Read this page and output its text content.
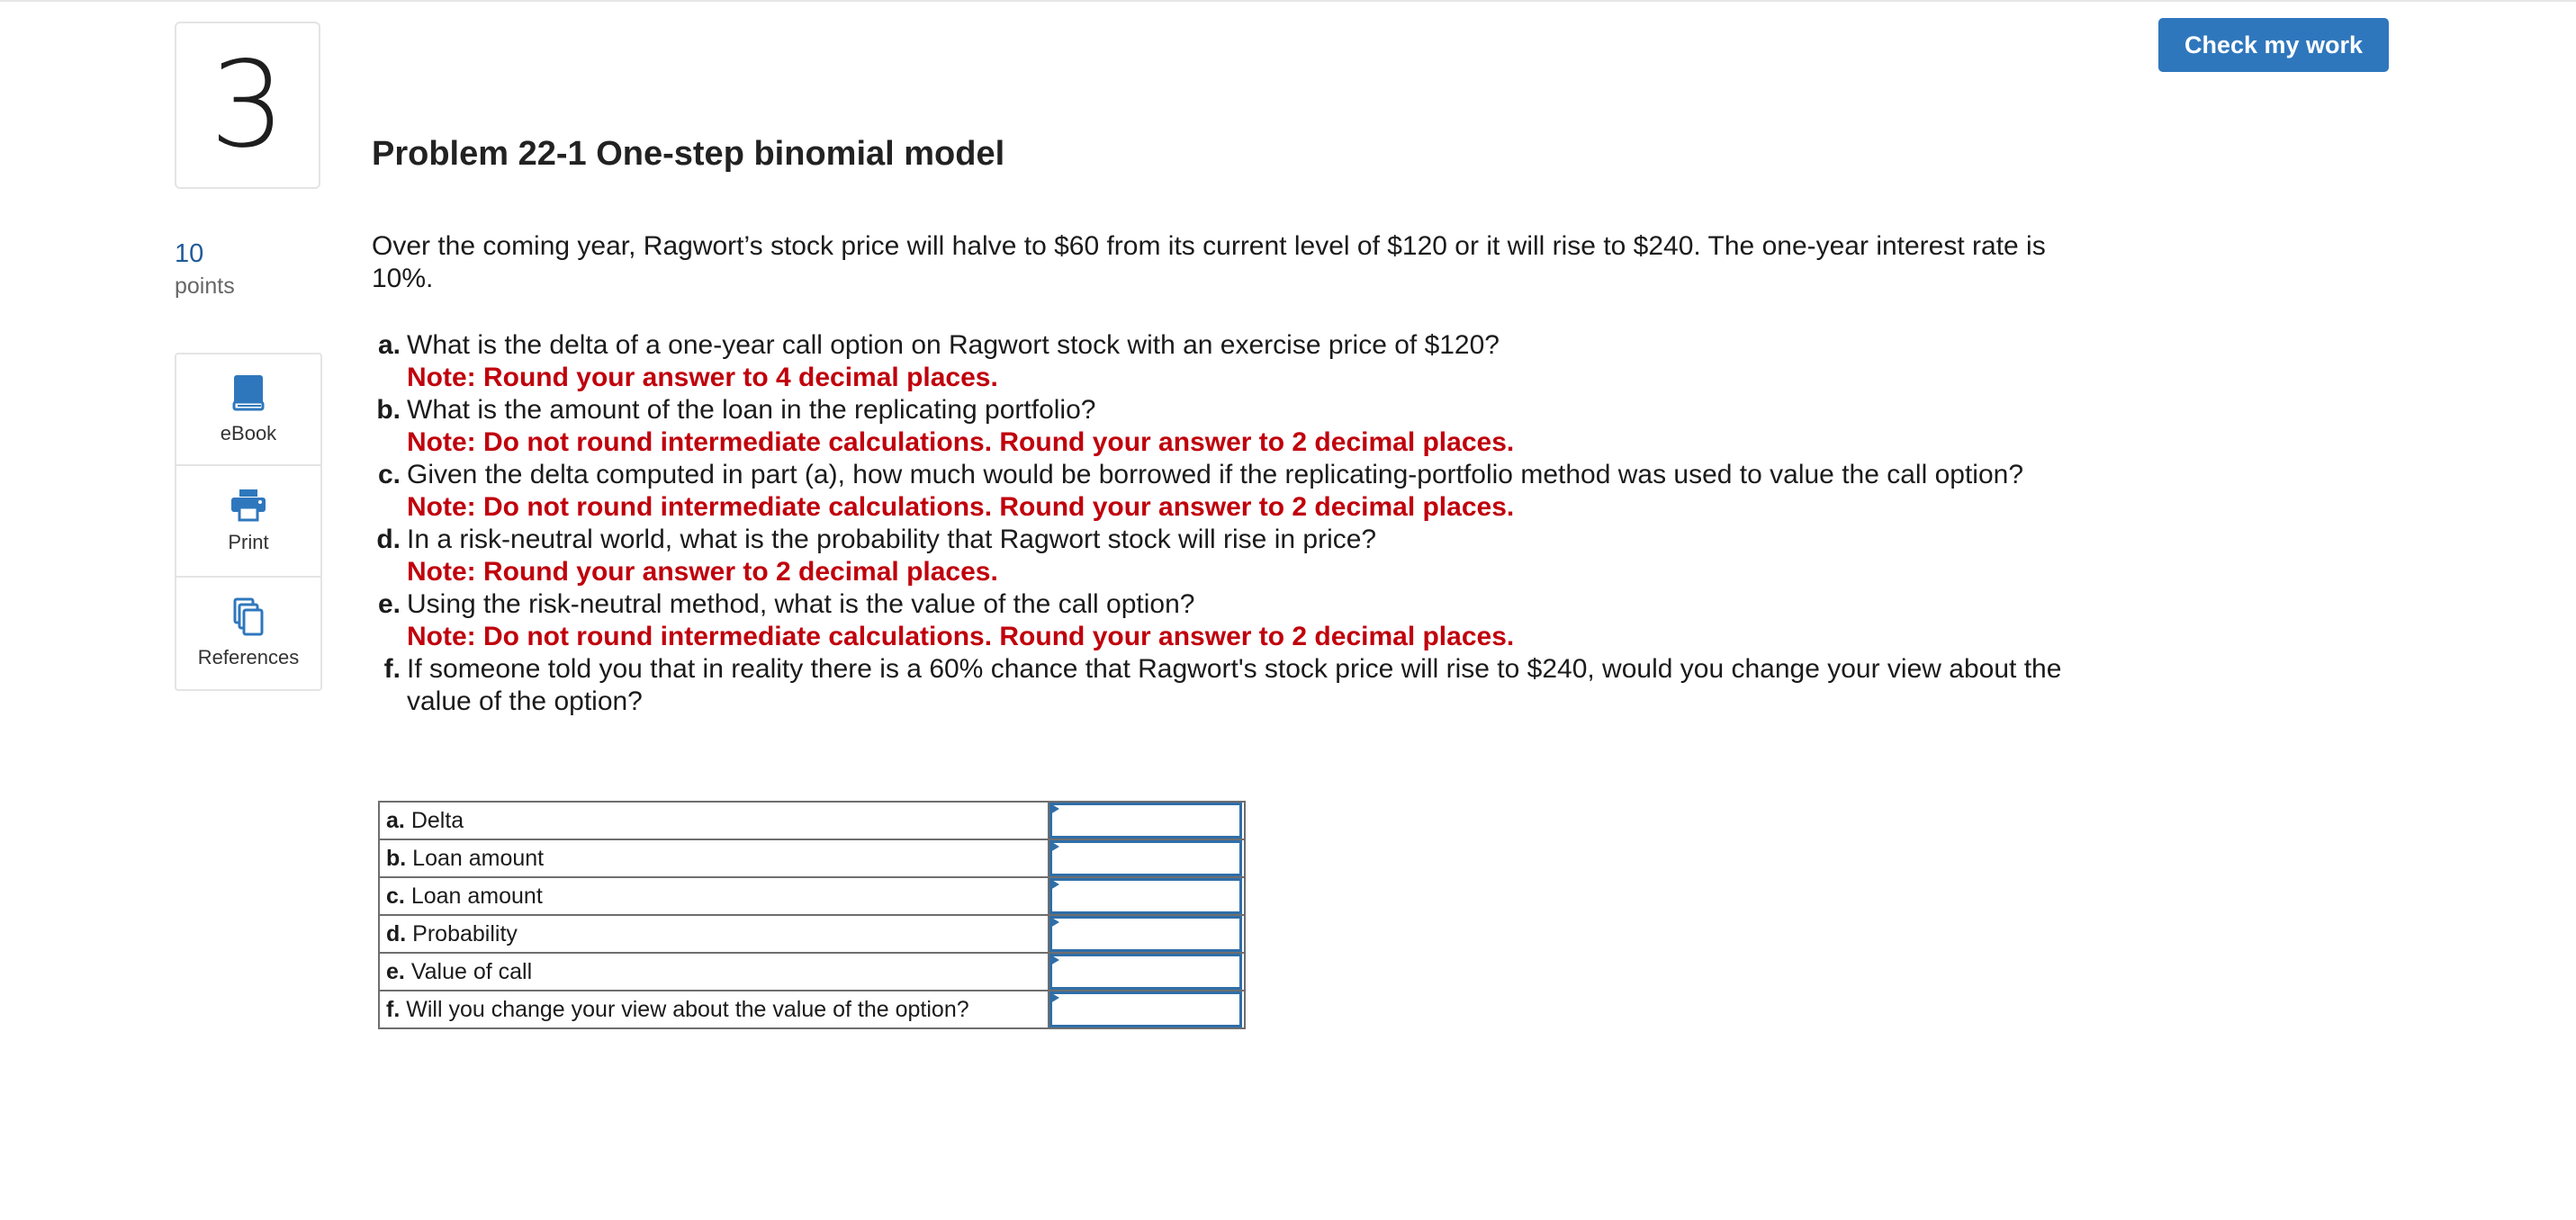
3	Check my work
Problem 22-1 One-step binomial model
10
points
eBook
Print
References

Over the coming year, Ragwort’s stock price will halve to $60 from its current level of $120 or it will rise to $240. The one-year interest rate is 10%.

a. What is the delta of a one-year call option on Ragwort stock with an exercise price of $120?
Note: Round your answer to 4 decimal places.
b. What is the amount of the loan in the replicating portfolio?
Note: Do not round intermediate calculations. Round your answer to 2 decimal places.
c. Given the delta computed in part (a), how much would be borrowed if the replicating-portfolio method was used to value the call option?
Note: Do not round intermediate calculations. Round your answer to 2 decimal places.
d. In a risk-neutral world, what is the probability that Ragwort stock will rise in price?
Note: Round your answer to 2 decimal places.
e. Using the risk-neutral method, what is the value of the call option?
Note: Do not round intermediate calculations. Round your answer to 2 decimal places.
f. If someone told you that in reality there is a 60% chance that Ragwort's stock price will rise to $240, would you change your view about the value of the option?
a. Delta	

b. Loan amount	

c. Loan amount	

d. Probability	

e. Value of call	

f. Will you change your view about the value of the option?	
